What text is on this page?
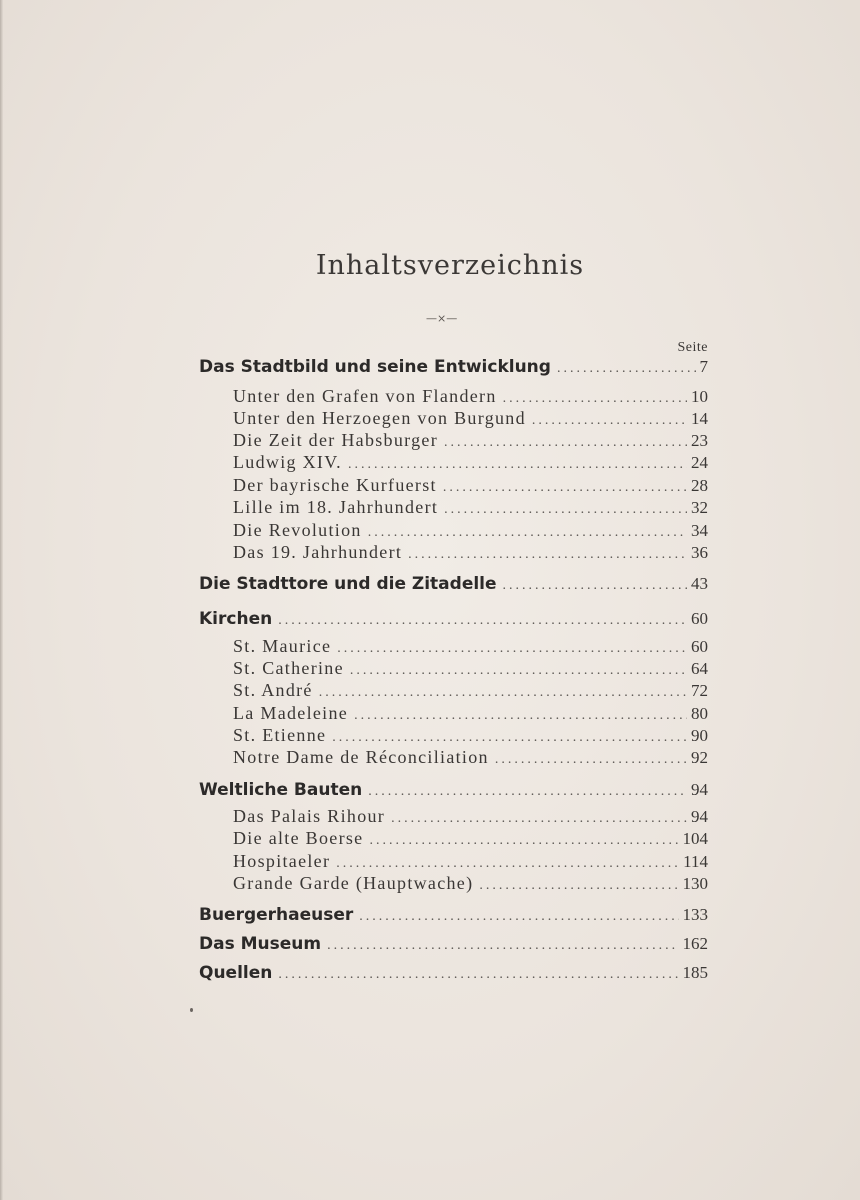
Inhaltsverzeichnis
—×—
Seite
Das Stadtbild und seine Entwicklung .....	7
Unter den Grafen von Flandern .....	10
Unter den Herzoegen von Burgund .....	14
Die Zeit der Habsburger .....	23
Ludwig XIV. .....	24
Der bayrische Kurfuerst .....	28
Lille im 18. Jahrhundert .....	32
Die Revolution .....	34
Das 19. Jahrhundert .....	36
Die Stadttore und die Zitadelle .....	43
Kirchen .....	60
St. Maurice .....	60
St. Catherine .....	64
St. André .....	72
La Madeleine .....	80
St. Etienne .....	90
Notre Dame de Réconciliation .....	92
Weltliche Bauten .....	94
Das Palais Rihour .....	94
Die alte Boerse .....	104
Hospitaeler .....	114
Grande Garde (Hauptwache) .....	130
Buergerhaeuser .....	133
Das Museum .....	162
Quellen .....	185
